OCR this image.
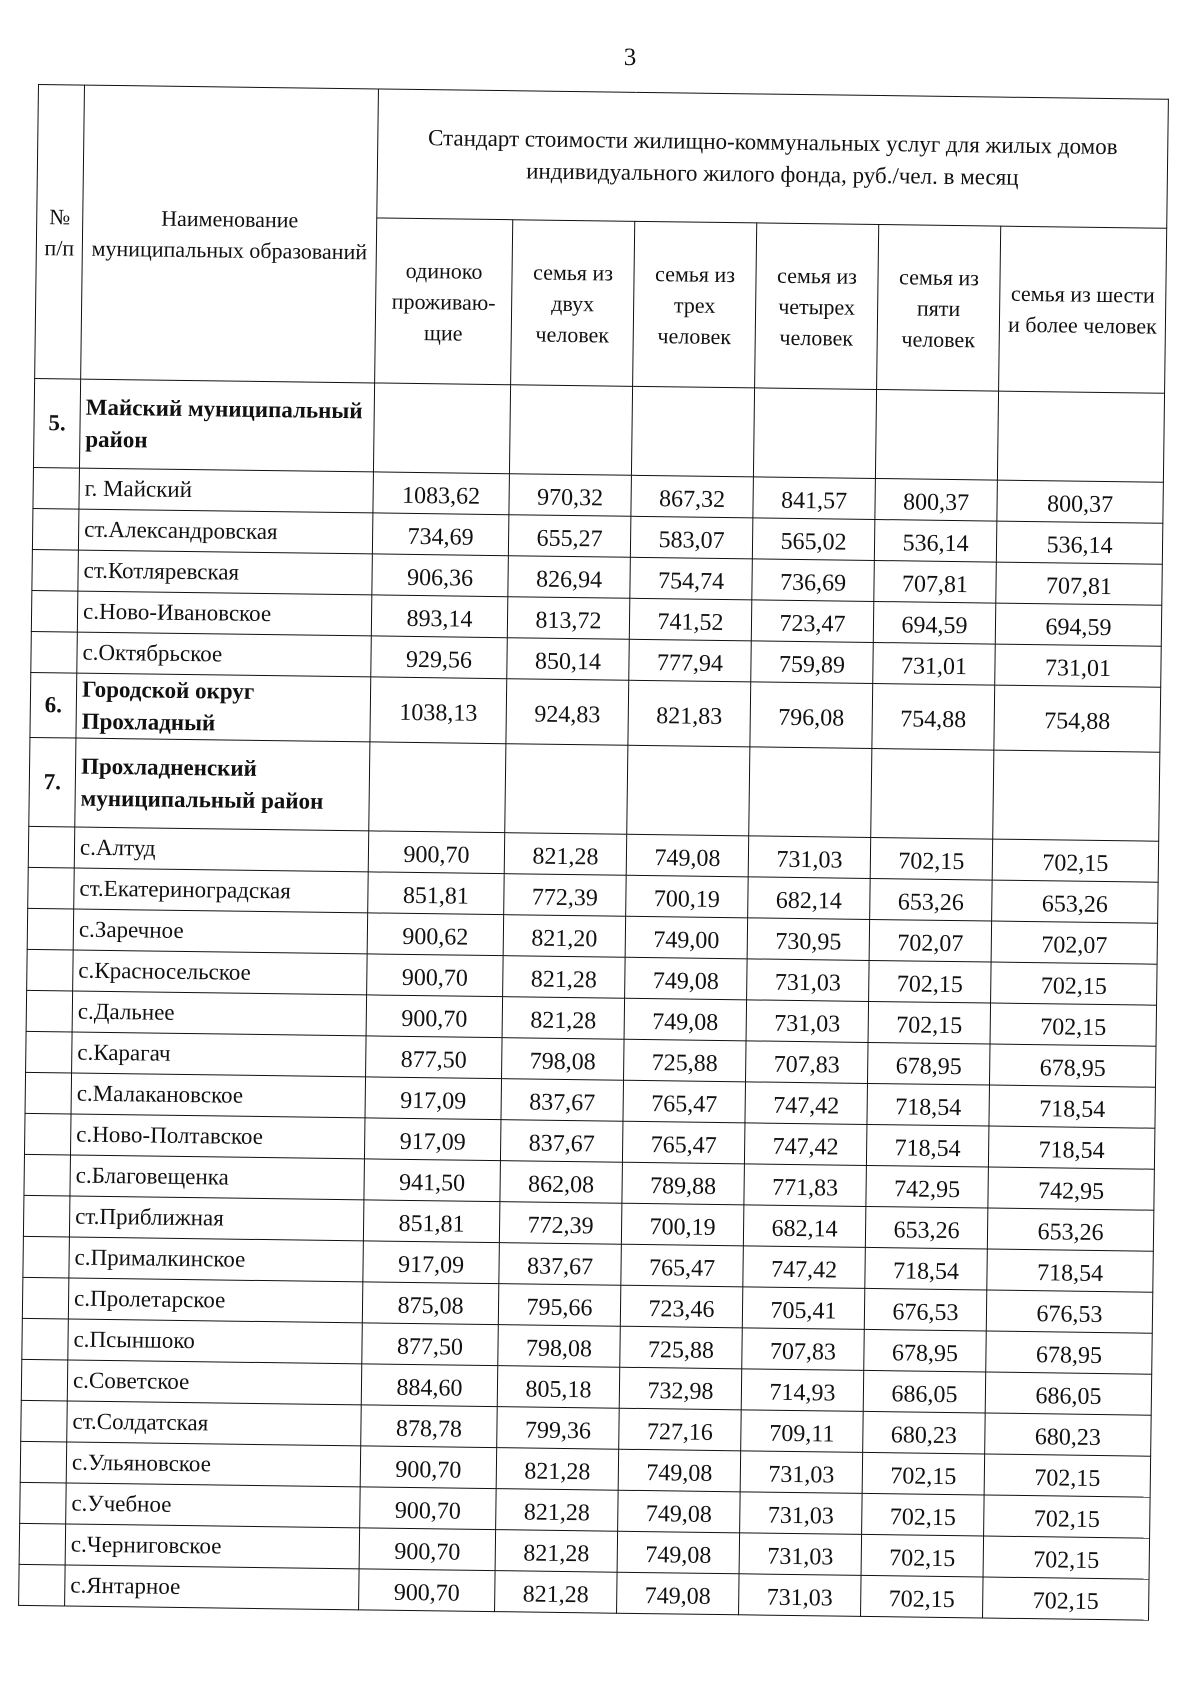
3
№ п/п	Наименование муниципальных образований	Стандарт стоимости жилищно-коммунальных услуг для жилых домов индивидуального жилого фонда, руб./чел. в месяц					
		одиноко проживаю-щие	семья из двух человек	семья из трех человек	семья из четырех человек	семья из пяти человек	семья из шести и более человек
5.	Майский муниципальный район						
	г. Майский	1083,62	970,32	867,32	841,57	800,37	800,37
	ст.Александровская	734,69	655,27	583,07	565,02	536,14	536,14
	ст.Котляревская	906,36	826,94	754,74	736,69	707,81	707,81
	с.Ново-Ивановское	893,14	813,72	741,52	723,47	694,59	694,59
	с.Октябрьское	929,56	850,14	777,94	759,89	731,01	731,01
6.	Городской округ Прохладный	1038,13	924,83	821,83	796,08	754,88	754,88
7.	Прохладненский муниципальный район						
	с.Алтуд	900,70	821,28	749,08	731,03	702,15	702,15
	ст.Екатериноградская	851,81	772,39	700,19	682,14	653,26	653,26
	с.Заречное	900,62	821,20	749,00	730,95	702,07	702,07
	с.Красносельское	900,70	821,28	749,08	731,03	702,15	702,15
	с.Дальнее	900,70	821,28	749,08	731,03	702,15	702,15
	с.Карагач	877,50	798,08	725,88	707,83	678,95	678,95
	с.Малакановское	917,09	837,67	765,47	747,42	718,54	718,54
	с.Ново-Полтавское	917,09	837,67	765,47	747,42	718,54	718,54
	с.Благовещенка	941,50	862,08	789,88	771,83	742,95	742,95
	ст.Приближная	851,81	772,39	700,19	682,14	653,26	653,26
	с.Прималкинское	917,09	837,67	765,47	747,42	718,54	718,54
	с.Пролетарское	875,08	795,66	723,46	705,41	676,53	676,53
	с.Псыншоко	877,50	798,08	725,88	707,83	678,95	678,95
	с.Советское	884,60	805,18	732,98	714,93	686,05	686,05
	ст.Солдатская	878,78	799,36	727,16	709,11	680,23	680,23
	с.Ульяновское	900,70	821,28	749,08	731,03	702,15	702,15
	с.Учебное	900,70	821,28	749,08	731,03	702,15	702,15
	с.Черниговское	900,70	821,28	749,08	731,03	702,15	702,15
	с.Янтарное	900,70	821,28	749,08	731,03	702,15	702,15
